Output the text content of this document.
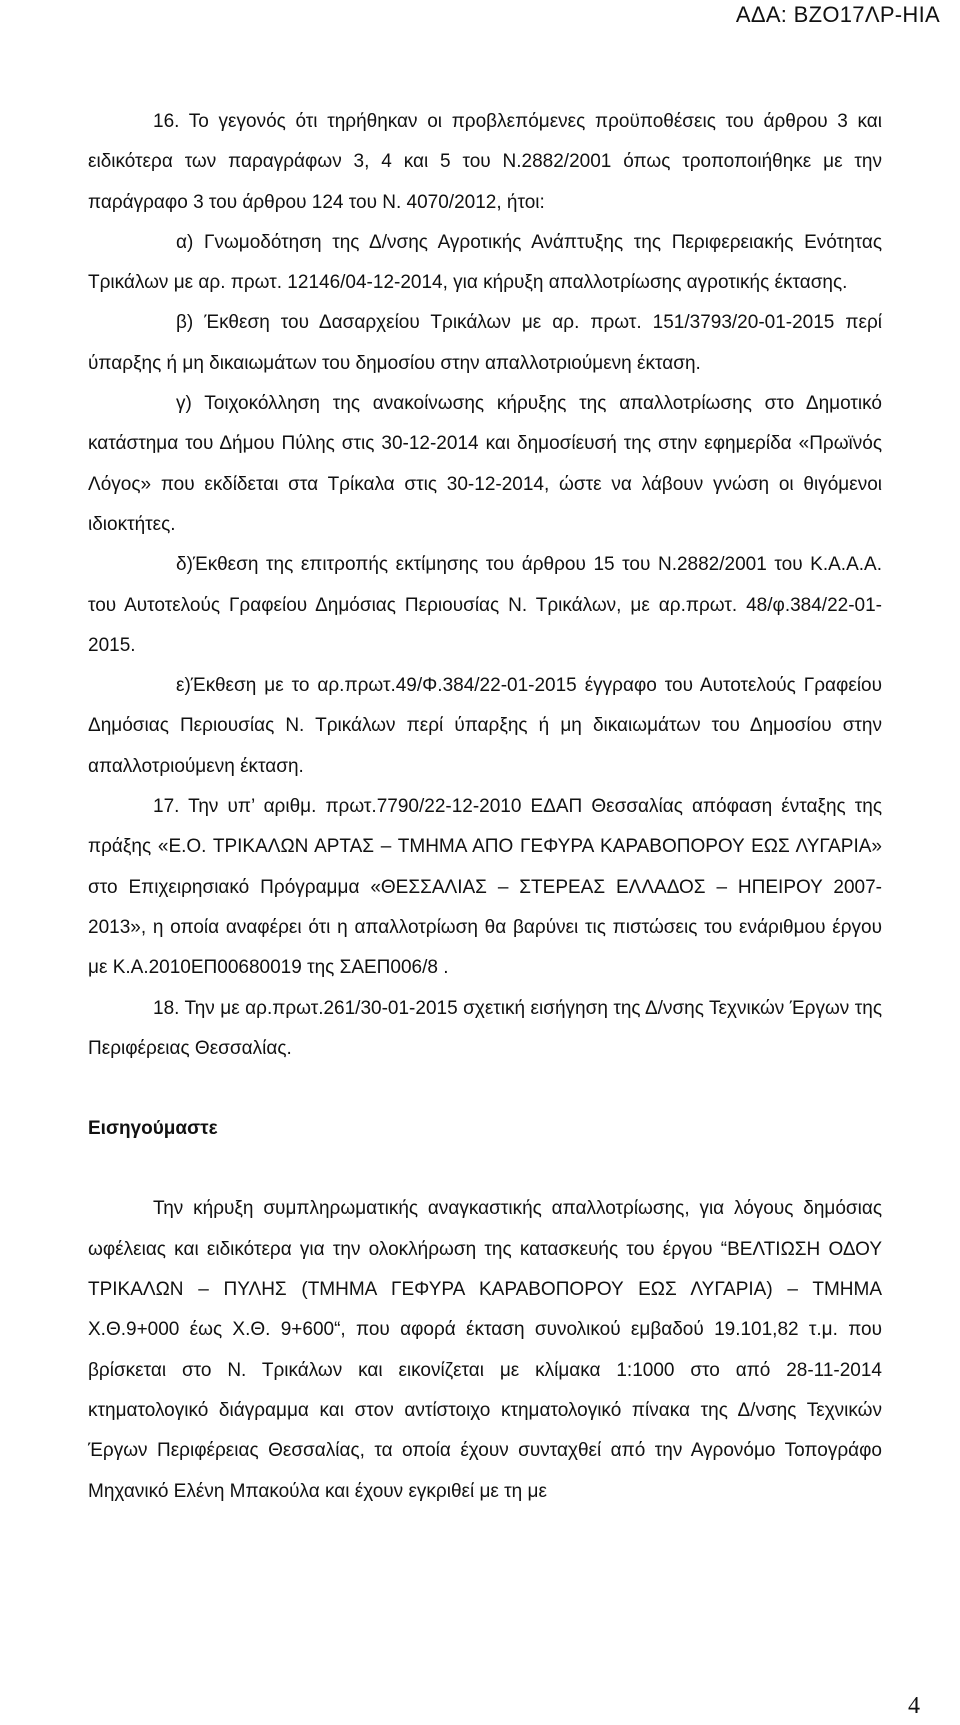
ΑΔΑ: ΒΖΟ17ΛΡ-ΗΙΑ

16. Το γεγονός ότι τηρήθηκαν οι προβλεπόμενες προϋποθέσεις του άρθρου 3 και ειδικότερα των παραγράφων 3, 4 και 5 του Ν.2882/2001 όπως τροποποιήθηκε με την παράγραφο 3 του άρθρου 124 του Ν. 4070/2012, ήτοι:

α) Γνωμοδότηση της Δ/νσης Αγροτικής Ανάπτυξης της Περιφερειακής Ενότητας Τρικάλων με αρ. πρωτ. 12146/04-12-2014, για κήρυξη απαλλοτρίωσης αγροτικής έκτασης.

β) Έκθεση του Δασαρχείου Τρικάλων με αρ. πρωτ. 151/3793/20-01-2015 περί ύπαρξης ή μη δικαιωμάτων του δημοσίου στην απαλλοτριούμενη έκταση.

γ) Τοιχοκόλληση της ανακοίνωσης κήρυξης της απαλλοτρίωσης στο Δημοτικό κατάστημα του Δήμου Πύλης στις 30-12-2014 και δημοσίευσή της στην εφημερίδα «Πρωϊνός Λόγος» που εκδίδεται στα Τρίκαλα στις 30-12-2014, ώστε να λάβουν γνώση οι θιγόμενοι ιδιοκτήτες.

δ)Έκθεση της επιτροπής εκτίμησης του άρθρου 15 του Ν.2882/2001 του Κ.Α.Α.Α. του Αυτοτελούς Γραφείου Δημόσιας Περιουσίας Ν. Τρικάλων, με αρ.πρωτ. 48/φ.384/22-01-2015.

ε)Έκθεση με το αρ.πρωτ.49/Φ.384/22-01-2015 έγγραφο του Αυτοτελούς Γραφείου Δημόσιας Περιουσίας Ν. Τρικάλων περί ύπαρξης ή μη δικαιωμάτων του Δημοσίου στην απαλλοτριούμενη έκταση.

17. Την υπ’ αριθμ. πρωτ.7790/22-12-2010 ΕΔΑΠ Θεσσαλίας απόφαση ένταξης της πράξης «Ε.Ο. ΤΡΙΚΑΛΩΝ ΑΡΤΑΣ – ΤΜΗΜΑ ΑΠΟ ΓΕΦΥΡΑ ΚΑΡΑΒΟΠΟΡΟΥ ΕΩΣ ΛΥΓΑΡΙΑ» στο Επιχειρησιακό Πρόγραμμα «ΘΕΣΣΑΛΙΑΣ – ΣΤΕΡΕΑΣ ΕΛΛΑΔΟΣ – ΗΠΕΙΡΟΥ 2007-2013», η οποία αναφέρει ότι η απαλλοτρίωση θα βαρύνει τις πιστώσεις του ενάριθμου έργου με Κ.Α.2010ΕΠ00680019 της ΣΑΕΠ006/8 .

18. Την με αρ.πρωτ.261/30-01-2015 σχετική εισήγηση της Δ/νσης Τεχνικών Έργων της Περιφέρειας Θεσσαλίας.

Εισηγούμαστε

Την κήρυξη συμπληρωματικής αναγκαστικής απαλλοτρίωσης, για λόγους δημόσιας ωφέλειας και ειδικότερα για την ολοκλήρωση της κατασκευής του έργου “ΒΕΛΤΙΩΣΗ ΟΔΟΥ ΤΡΙΚΑΛΩΝ – ΠΥΛΗΣ (ΤΜΗΜΑ ΓΕΦΥΡΑ ΚΑΡΑΒΟΠΟΡΟΥ ΕΩΣ ΛΥΓΑΡΙΑ) – ΤΜΗΜΑ Χ.Θ.9+000 έως Χ.Θ. 9+600“, που αφορά έκταση συνολικού εμβαδού 19.101,82 τ.μ. που βρίσκεται στο Ν. Τρικάλων και εικονίζεται με κλίμακα 1:1000 στο από 28-11-2014 κτηματολογικό διάγραμμα και στον αντίστοιχο κτηματολογικό πίνακα της Δ/νσης Τεχνικών Έργων Περιφέρειας Θεσσαλίας, τα οποία έχουν συνταχθεί από την Αγρονόμο Τοπογράφο Μηχανικό Ελένη Μπακούλα και έχουν εγκριθεί με τη με

4
